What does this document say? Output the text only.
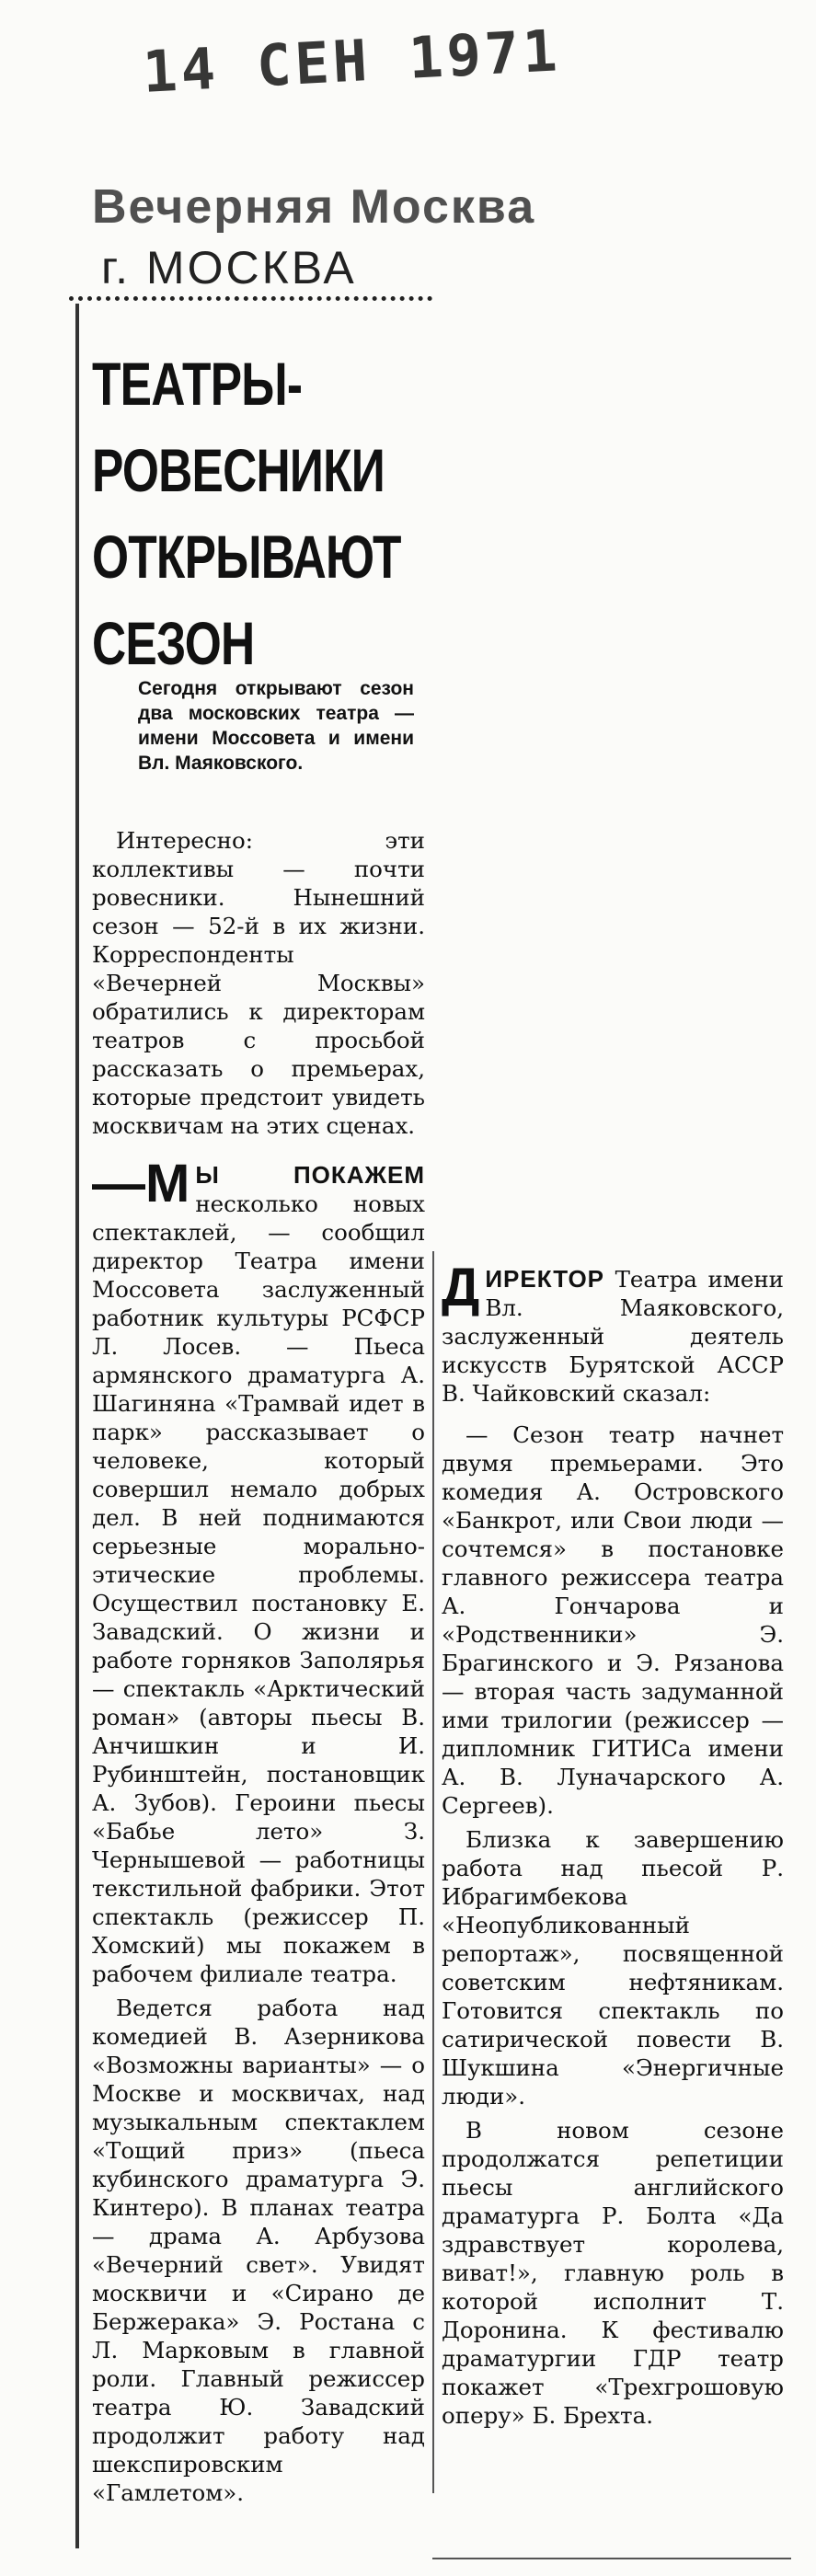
14 СЕН 1971
Вечерняя Москва
г. МОСКВА
ТЕАТРЫ-
РОВЕСНИКИ
ОТКРЫВАЮТ
СЕЗОН
Сегодня открывают сезон два московских театра — имени Моссовета и имени Вл. Маяковского.

Интересно: эти коллективы — почти ровесники. Нынешний сезон — 52-й в их жизни. Корреспонденты «Вечерней Москвы» обратились к директорам театров с просьбой рассказать о премьерах, которые предстоит увидеть москвичам на этих сценах.

—М Ы ПОКАЖЕМ несколько новых спектаклей, — сообщил директор Театра имени Моссовета заслуженный работник культуры РСФСР Л. Лосев. — Пьеса армянского драматурга А. Шагиняна «Трамвай идет в парк» рассказывает о человеке, который совершил немало добрых дел. В ней поднимаются серьезные морально-этические проблемы. Осуществил постановку Е. Завадский. О жизни и работе горняков Заполярья — спектакль «Арктический роман» (авторы пьесы В. Анчишкин и И. Рубинштейн, постановщик А. Зубов). Героини пьесы «Бабье лето» З. Чернышевой — работницы текстильной фабрики. Этот спектакль (режиссер П. Хомский) мы покажем в рабочем филиале театра.

Ведется работа над комедией В. Азерникова «Возможны варианты» — о Москве и москвичах, над музыкальным спектаклем «Тощий приз» (пьеса кубинского драматурга Э. Кинтеро). В планах театра — драма А. Арбузова «Вечерний свет». Увидят москвичи и «Сирано де Бержерака» Э. Ростана с Л. Марковым в главной роли. Главный режиссер театра Ю. Завадский продолжит работу над шекспировским «Гамлетом».

ДИРЕКТОР Театра имени Вл. Маяковского, заслуженный деятель искусств Бурятской АССР В. Чайковский сказал:

— Сезон театр начнет двумя премьерами. Это комедия А. Островского «Банкрот, или Свои люди — сочтемся» в постановке главного режиссера театра А. Гончарова и «Родственники» Э. Брагинского и Э. Рязанова — вторая часть задуманной ими трилогии (режиссер — дипломник ГИТИСа имени А. В. Луначарского А. Сергеев).

Близка к завершению работа над пьесой Р. Ибрагимбекова «Неопубликованный репортаж», посвященной советским нефтяникам. Готовится спектакль по сатирической повести В. Шукшина «Энергичные люди».

В новом сезоне продолжатся репетиции пьесы английского драматурга Р. Болта «Да здравствует королева, виват!», главную роль в которой исполнит Т. Доронина. К фестивалю драматургии ГДР театр покажет «Трехгрошовую оперу» Б. Брехта.
